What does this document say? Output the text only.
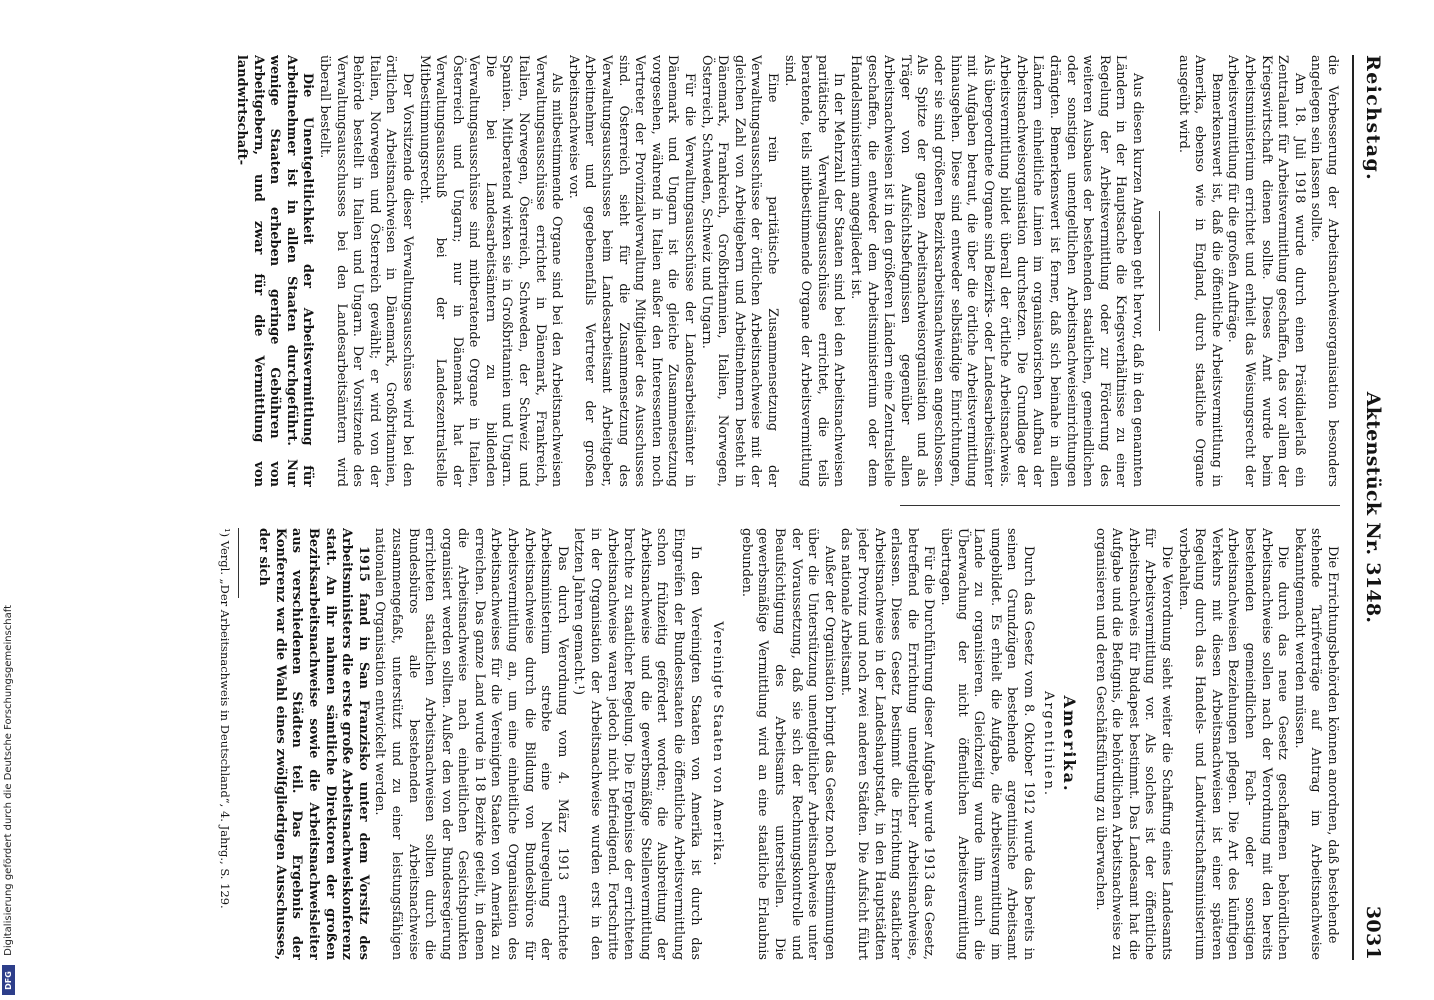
Reichstag.
Aktenstück Nr. 3148.
3031

die Verbesserung der Arbeitsnachweisorganisation besonders angelegen sein lassen sollte.

Am 18. Juli 1918 wurde durch einen Präsidialerlaß ein Zentralamt für Arbeitsvermittlung geschaffen, das vor allem der Kriegswirtschaft dienen sollte. Dieses Amt wurde beim Arbeitsministerium errichtet und erhielt das Weisungsrecht der Arbeitsvermittlung für die großen Aufträge.

Bemerkenswert ist, daß die öffentliche Arbeitsvermittlung in Amerika, ebenso wie in England, durch staatliche Organe ausgeübt wird.

Aus diesen kurzen Angaben geht hervor, daß in den genannten Ländern in der Hauptsache die Kriegsverhältnisse zu einer Regelung der Arbeitsvermittlung oder zur Förderung des weiteren Ausbaues der bestehenden staatlichen, gemeindlichen oder sonstigen unentgeltlichen Arbeitsnachweiseinrichtungen drängten. Bemerkenswert ist ferner, daß sich beinahe in allen Ländern einheitliche Linien im organisatorischen Aufbau der Arbeitsnachweisorganisation durchsetzen. Die Grundlage der Arbeitsvermittlung bildet überall der örtliche Arbeitsnachweis. Als übergeordnete Organe sind Bezirks- oder Landesarbeitsämter mit Aufgaben betraut, die über die örtliche Arbeitsvermittlung hinausgehen. Diese sind entweder selbständige Einrichtungen, oder sie sind größeren Bezirksarbeitsnachweisen angeschlossen. Als Spitze der ganzen Arbeitsnachweisorganisation und als Träger von Aufsichtsbefugnissen gegenüber allen Arbeitsnachweisen ist in den größeren Ländern eine Zentralstelle geschaffen, die entweder dem Arbeitsministerium oder dem Handelsministerium angegliedert ist.

In der Mehrzahl der Staaten sind bei den Arbeitsnachweisen paritätische Verwaltungsausschüsse errichtet, die teils beratende, teils mitbestimmende Organe der Arbeitsvermittlung sind.

Eine rein paritätische Zusammensetzung der Verwaltungsausschüsse der örtlichen Arbeitsnachweise mit der gleichen Zahl von Arbeitgebern und Arbeitnehmern besteht in Dänemark, Frankreich, Großbritannien, Italien, Norwegen, Österreich, Schweden, Schweiz und Ungarn.

Für die Verwaltungsausschüsse der Landesarbeitsämter in Dänemark und Ungarn ist die gleiche Zusammensetzung vorgesehen, während in Italien außer den Interessenten noch Vertreter der Provinzialverwaltung Mitglieder des Ausschusses sind. Österreich sieht für die Zusammensetzung des Verwaltungsausschusses beim Landesarbeitsamt Arbeitgeber, Arbeitnehmer und gegebenenfalls Vertreter der großen Arbeitsnachweise vor.

Als mitbestimmende Organe sind bei den Arbeitsnachweisen Verwaltungsausschüsse errichtet in Dänemark, Frankreich, Italien, Norwegen, Österreich, Schweden, der Schweiz und Spanien. Mitberatend wirken sie in Großbritannien und Ungarn. Die bei Landesarbeitsämtern zu bildenden Verwaltungsausschüsse sind mitberatende Organe in Italien, Österreich und Ungarn; nur in Dänemark hat der Verwaltungsausschuß bei der Landeszentralstelle Mitbestimmungsrecht.

Der Vorsitzende dieser Verwaltungsausschüsse wird bei den örtlichen Arbeitsnachweisen in Dänemark, Großbritannien, Italien, Norwegen und Österreich gewählt; er wird von der Behörde bestellt in Italien und Ungarn. Der Vorsitzende des Verwaltungsausschusses bei den Landesarbeitsämtern wird überall bestellt.

Die Unentgeltlichkeit der Arbeitsvermittlung für Arbeitnehmer ist in allen Staaten durchgeführt. Nur wenige Staaten erheben geringe Gebühren von Arbeitgebern, und zwar für die Vermittlung von landwirtschaft-

Die Errichtungsbehörden können anordnen, daß bestehende

stehende Tarifverträge auf Antrag im Arbeitsnachweise bekanntgemacht werden müssen.

Die durch das neue Gesetz geschaffenen behördlichen Arbeitsnachweise sollen nach der Verordnung mit den bereits bestehenden gemeindlichen Fach- oder sonstigen Arbeitsnachweisen Beziehungen pflegen. Die Art des künftigen Verkehrs mit diesen Arbeitsnachweisen ist einer späteren Regelung durch das Handels- und Landwirtschaftsministerium vorbehalten.

Die Verordnung sieht weiter die Schaffung eines Landesamts für Arbeitsvermittlung vor. Als solches ist der öffentliche Arbeitsnachweis für Budapest bestimmt. Das Landesamt hat die Aufgabe und die Befugnis, die behördlichen Arbeitsnachweise zu organisieren und deren Geschäftsführung zu überwachen.

Amerika.
Argentinien.

Durch das Gesetz vom 8. Oktober 1912 wurde das bereits in seinen Grundzügen bestehende argentinische Arbeitsamt umgebildet. Es erhielt die Aufgabe, die Arbeitsvermittlung im Lande zu organisieren. Gleichzeitig wurde ihm auch die Überwachung der nicht öffentlichen Arbeitsvermittlung übertragen.

Für die Durchführung dieser Aufgabe wurde 1913 das Gesetz, betreffend die Errichtung unentgeltlicher Arbeitsnachweise, erlassen. Dieses Gesetz bestimmt die Errichtung staatlicher Arbeitsnachweise in der Landeshauptstadt, in den Hauptstädten jeder Provinz und noch zwei anderen Städten. Die Aufsicht führt das nationale Arbeitsamt.

Außer der Organisation bringt das Gesetz noch Bestimmungen über die Unterstützung unentgeltlicher Arbeitsnachweise unter der Voraussetzung, daß sie sich der Rechnungskontrolle und Beaufsichtigung des Arbeitsamts unterstellen. Die gewerbsmäßige Vermittlung wird an eine staatliche Erlaubnis gebunden.

Vereinigte Staaten von Amerika.

In den Vereinigten Staaten von Amerika ist durch das Eingreifen der Bundesstaaten die öffentliche Arbeitsvermittlung schon frühzeitig gefördert worden; die Ausbreitung der Arbeitsnachweise und die gewerbsmäßige Stellenvermittlung brachte zu staatlicher Regelung. Die Ergebnisse der errichteten Arbeitsnachweise waren jedoch nicht befriedigend. Fortschritte in der Organisation der Arbeitsnachweise wurden erst in den letzten Jahren gemacht.¹)

Das durch Verordnung vom 4. März 1913 errichtete Arbeitsministerium strebte eine Neuregelung der Arbeitsnachweise durch die Bildung von Bundesbüros für Arbeitsvermittlung an, um eine einheitliche Organisation des Arbeitsnachweises für die Vereinigten Staaten von Amerika zu erreichen. Das ganze Land wurde in 18 Bezirke geteilt, in denen die Arbeitsnachweise nach einheitlichen Gesichtspunkten organisiert werden sollten. Außer den von der Bundesregierung errichteten staatlichen Arbeitsnachweisen sollten durch die Bundesbüros alle bestehenden Arbeitsnachweise zusammengefaßt, unterstützt und zu einer leistungsfähigen nationalen Organisation entwickelt werden.

1915 fand in San Franzisko unter dem Vorsitz des Arbeitsministers die erste große Arbeitsnachweiskonferenz statt. An ihr nahmen sämtliche Direktoren der großen Bezirksarbeitsnachweise sowie die Arbeitsnachweisleiter aus verschiedenen Städten teil. Das Ergebnis der Konferenz war die Wahl eines zwölfgliedrigen Ausschusses, der sich

¹) Vergl. „Der Arbeitsnachweis in Deutschland“, 4. Jahrg., S. 129.

Digitalisierung gefördert durch die Deutsche Forschungsgemeinschaft
DFG
